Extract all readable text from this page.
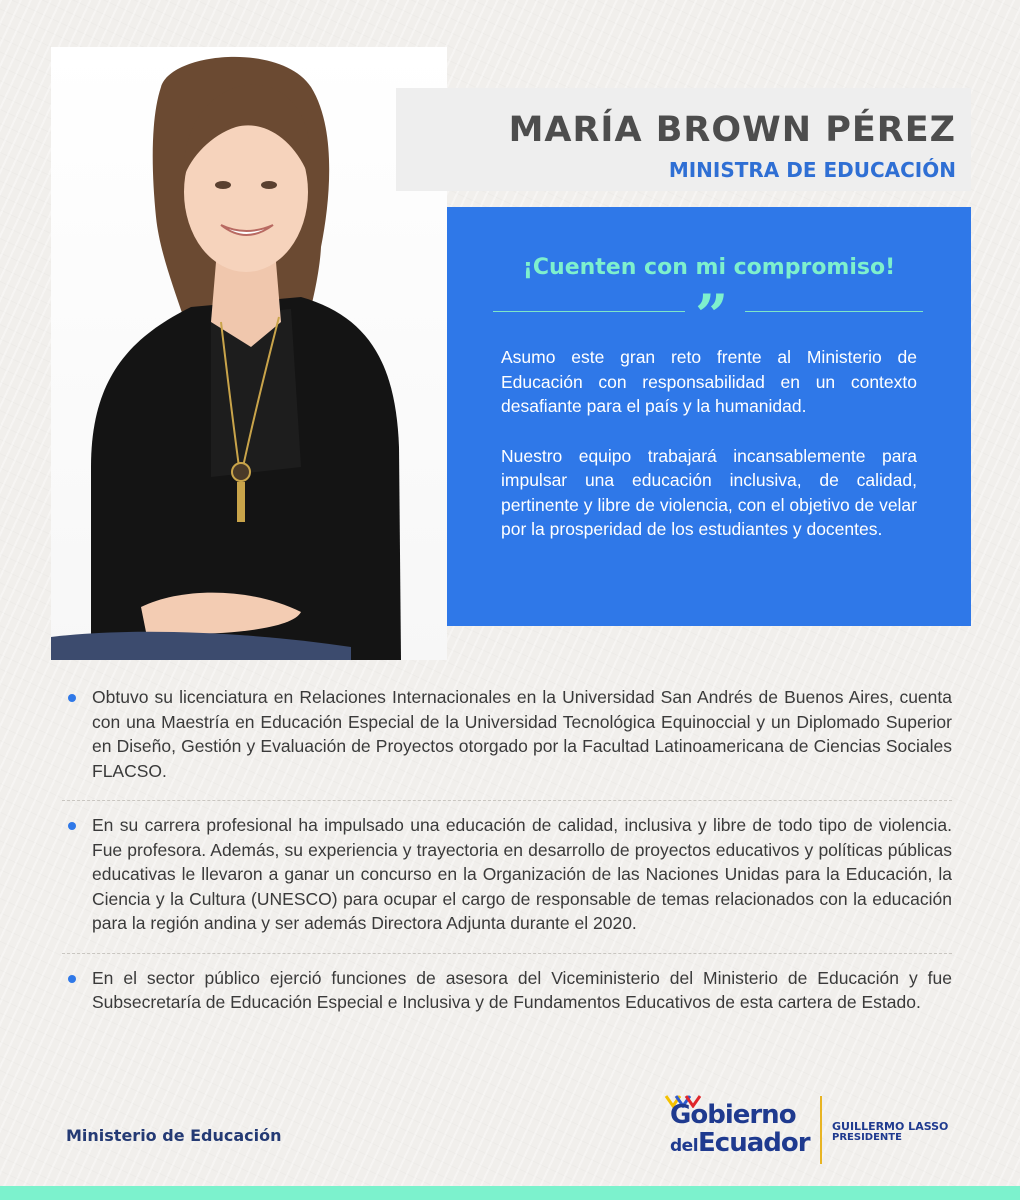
MARÍA BROWN PÉREZ
MINISTRA DE EDUCACIÓN
¡Cuenten con mi compromiso!
”

Asumo este gran reto frente al Ministerio de Educación con responsabilidad en un contexto desafiante para el país y la humanidad.

Nuestro equipo trabajará incansablemente para impulsar una educación inclusiva, de calidad, pertinente y libre de violencia, con el objetivo de velar por la prosperidad de los estudiantes y docentes.

Obtuvo su licenciatura en Relaciones Internacionales en la Universidad San Andrés de Buenos Aires, cuenta con una Maestría en Educación Especial de la Universidad Tecnológica Equinoccial y un Diplomado Superior en Diseño, Gestión y Evaluación de Proyectos otorgado por la Facultad Latinoamericana de Ciencias Sociales FLACSO.
En su carrera profesional ha impulsado una educación de calidad, inclusiva y libre de todo tipo de violencia. Fue profesora. Además, su experiencia y trayectoria en desarrollo de proyectos educativos y políticas públicas educativas le llevaron a ganar un concurso en la Organización de las Naciones Unidas para la Educación, la Ciencia y la Cultura (UNESCO) para ocupar el cargo de responsable de temas relacionados con la educación para la región andina y ser además Directora Adjunta durante el 2020.
En el sector público ejerció funciones de asesora del Viceministerio del Ministerio de Educación y fue Subsecretaría de Educación Especial e Inclusiva y de Fundamentos Educativos de esta cartera de Estado.
Ministerio de Educación
Gobierno
delEcuador
GUILLERMO LASSO
PRESIDENTE
